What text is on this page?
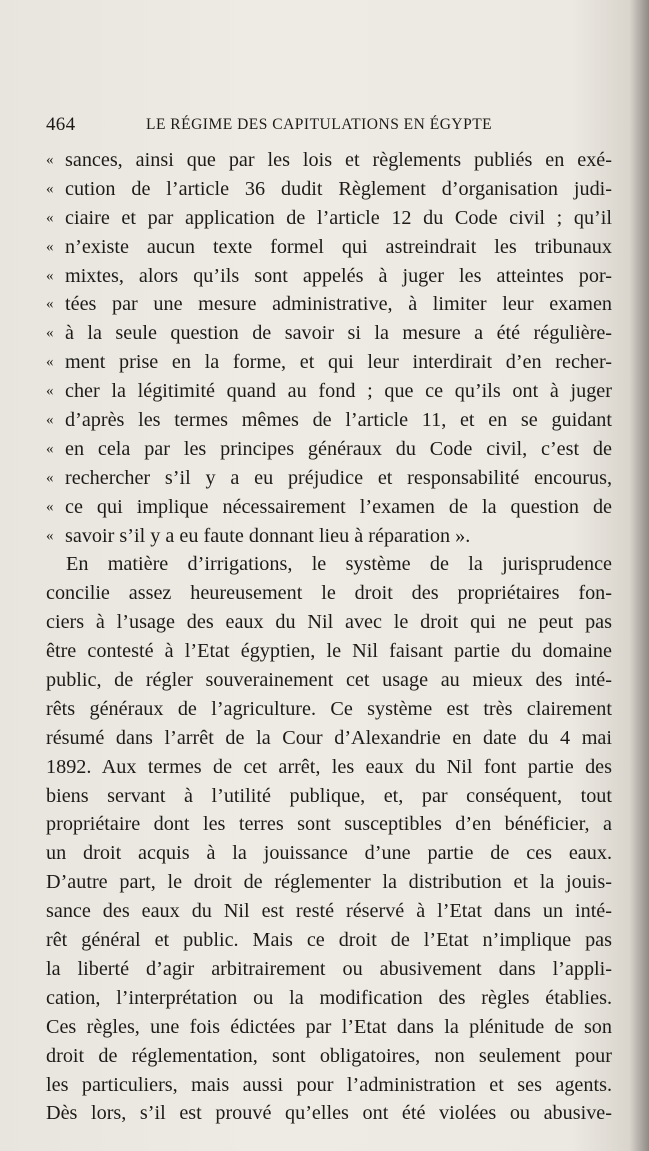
464	LE RÉGIME DES CAPITULATIONS EN ÉGYPTE
« sances, ainsi que par les lois et règlements publiés en exé-
« cution de l’article 36 dudit Règlement d’organisation judi-
« ciaire et par application de l’article 12 du Code civil ; qu’il
« n’existe aucun texte formel qui astreindrait les tribunaux
« mixtes, alors qu’ils sont appelés à juger les atteintes por-
« tées par une mesure administrative, à limiter leur examen
« à la seule question de savoir si la mesure a été régulière-
« ment prise en la forme, et qui leur interdirait d’en recher-
« cher la légitimité quand au fond ; que ce qu’ils ont à juger
« d’après les termes mêmes de l’article 11, et en se guidant
« en cela par les principes généraux du Code civil, c’est de
« rechercher s’il y a eu préjudice et responsabilité encourus,
« ce qui implique nécessairement l’examen de la question de
« savoir s’il y a eu faute donnant lieu à réparation ».
En matière d’irrigations, le système de la jurisprudence
concilie assez heureusement le droit des propriétaires fon-
ciers à l’usage des eaux du Nil avec le droit qui ne peut pas
être contesté à l’Etat égyptien, le Nil faisant partie du domaine
public, de régler souverainement cet usage au mieux des inté-
rêts généraux de l’agriculture. Ce système est très clairement
résumé dans l’arrêt de la Cour d’Alexandrie en date du 4 mai
1892. Aux termes de cet arrêt, les eaux du Nil font partie des
biens servant à l’utilité publique, et, par conséquent, tout
propriétaire dont les terres sont susceptibles d’en bénéficier, a
un droit acquis à la jouissance d’une partie de ces eaux.
D’autre part, le droit de réglementer la distribution et la jouis-
sance des eaux du Nil est resté réservé à l’Etat dans un inté-
rêt général et public. Mais ce droit de l’Etat n’implique pas
la liberté d’agir arbitrairement ou abusivement dans l’appli-
cation, l’interprétation ou la modification des règles établies.
Ces règles, une fois édictées par l’Etat dans la plénitude de son
droit de réglementation, sont obligatoires, non seulement pour
les particuliers, mais aussi pour l’administration et ses agents.
Dès lors, s’il est prouvé qu’elles ont été violées ou abusive-
